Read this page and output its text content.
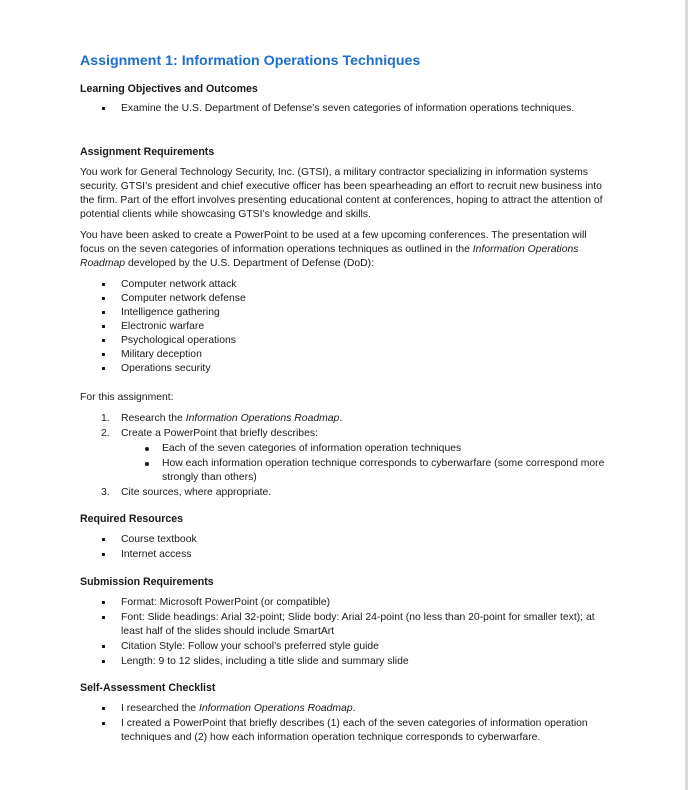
Assignment 1: Information Operations Techniques
Learning Objectives and Outcomes
Examine the U.S. Department of Defense’s seven categories of information operations techniques.
Assignment Requirements

You work for General Technology Security, Inc. (GTSI), a military contractor specializing in information systems security. GTSI’s president and chief executive officer has been spearheading an effort to recruit new business into the firm. Part of the effort involves presenting educational content at conferences, hoping to attract the attention of potential clients while showcasing GTSI’s knowledge and skills.

You have been asked to create a PowerPoint to be used at a few upcoming conferences. The presentation will focus on the seven categories of information operations techniques as outlined in the Information Operations Roadmap developed by the U.S. Department of Defense (DoD):

Computer network attack
Computer network defense
Intelligence gathering
Electronic warfare
Psychological operations
Military deception
Operations security

For this assignment:

1. Research the Information Operations Roadmap.
2. Create a PowerPoint that briefly describes:
Each of the seven categories of information operation techniques
How each information operation technique corresponds to cyberwarfare (some correspond more strongly than others)
3. Cite sources, where appropriate.
Required Resources
Course textbook
Internet access
Submission Requirements
Format: Microsoft PowerPoint (or compatible)
Font: Slide headings: Arial 32-point; Slide body: Arial 24-point (no less than 20-point for smaller text); at least half of the slides should include SmartArt
Citation Style: Follow your school’s preferred style guide
Length: 9 to 12 slides, including a title slide and summary slide
Self-Assessment Checklist
I researched the Information Operations Roadmap.
I created a PowerPoint that briefly describes (1) each of the seven categories of information operation techniques and (2) how each information operation technique corresponds to cyberwarfare.
